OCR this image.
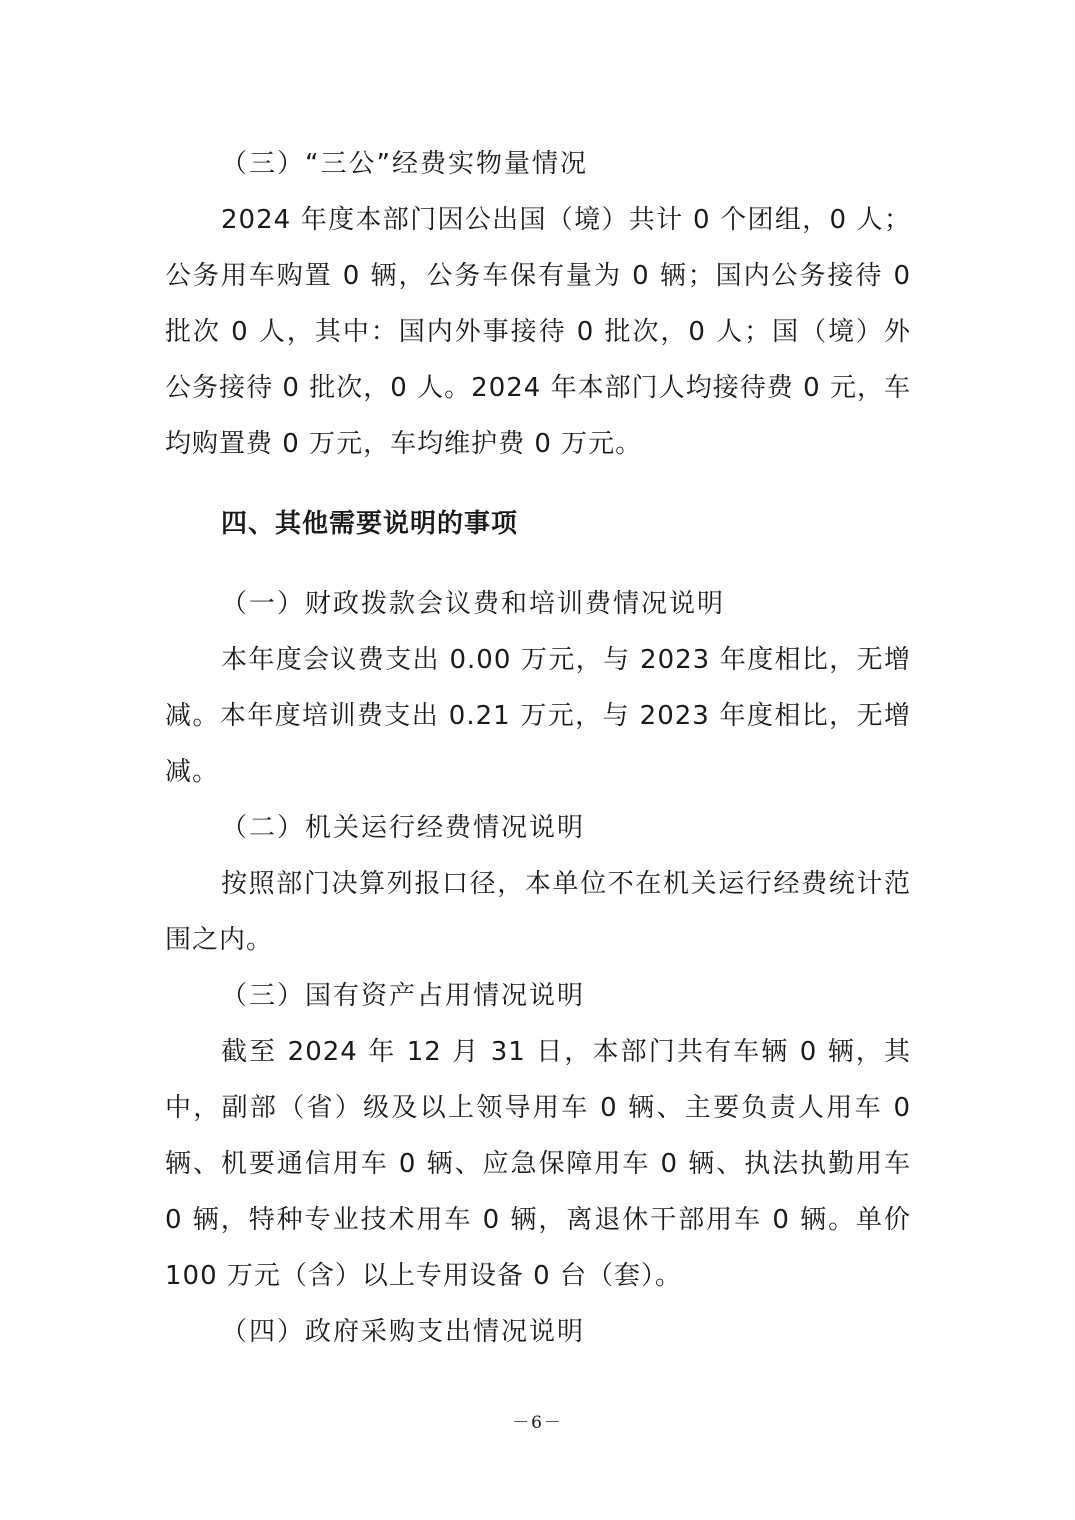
（三）“三公”经费实物量情况

2024 年度本部门因公出国（境）共计 0 个团组，0 人；公务用车购置 0 辆，公务车保有量为 0 辆；国内公务接待 0 批次 0 人，其中：国内外事接待 0 批次，0 人；国（境）外公务接待 0 批次，0 人。2024 年本部门人均接待费 0 元，车均购置费 0 万元，车均维护费 0 万元。

四、其他需要说明的事项

（一）财政拨款会议费和培训费情况说明

本年度会议费支出 0.00 万元，与 2023 年度相比，无增减。本年度培训费支出 0.21 万元，与 2023 年度相比，无增减。

（二）机关运行经费情况说明

按照部门决算列报口径，本单位不在机关运行经费统计范围之内。

（三）国有资产占用情况说明

截至 2024 年 12 月 31 日，本部门共有车辆 0 辆，其中，副部（省）级及以上领导用车 0 辆、主要负责人用车 0 辆、机要通信用车 0 辆、应急保障用车 0 辆、执法执勤用车 0 辆，特种专业技术用车 0 辆，离退休干部用车 0 辆。单价 100 万元（含）以上专用设备 0 台（套）。

（四）政府采购支出情况说明

－6－
